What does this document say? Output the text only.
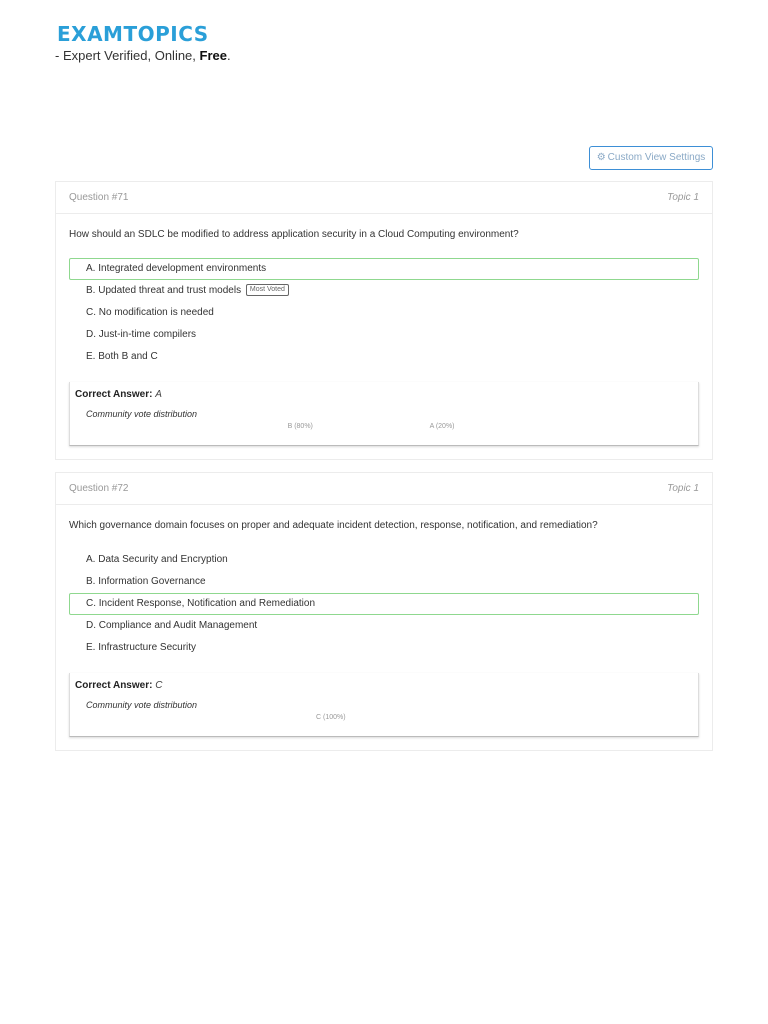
EXAMTOPICS
- Expert Verified, Online, Free.
⚙ Custom View Settings
Question #71	Topic 1

How should an SDLC be modified to address application security in a Cloud Computing environment?

A. Integrated development environments
B. Updated threat and trust models Most Voted
C. No modification is needed
D. Just-in-time compilers
E. Both B and C

Correct Answer: A

Community vote distribution

B (80%)	A (20%)
Question #72	Topic 1

Which governance domain focuses on proper and adequate incident detection, response, notification, and remediation?

A. Data Security and Encryption
B. Information Governance
C. Incident Response, Notification and Remediation
D. Compliance and Audit Management
E. Infrastructure Security

Correct Answer: C

Community vote distribution

C (100%)
